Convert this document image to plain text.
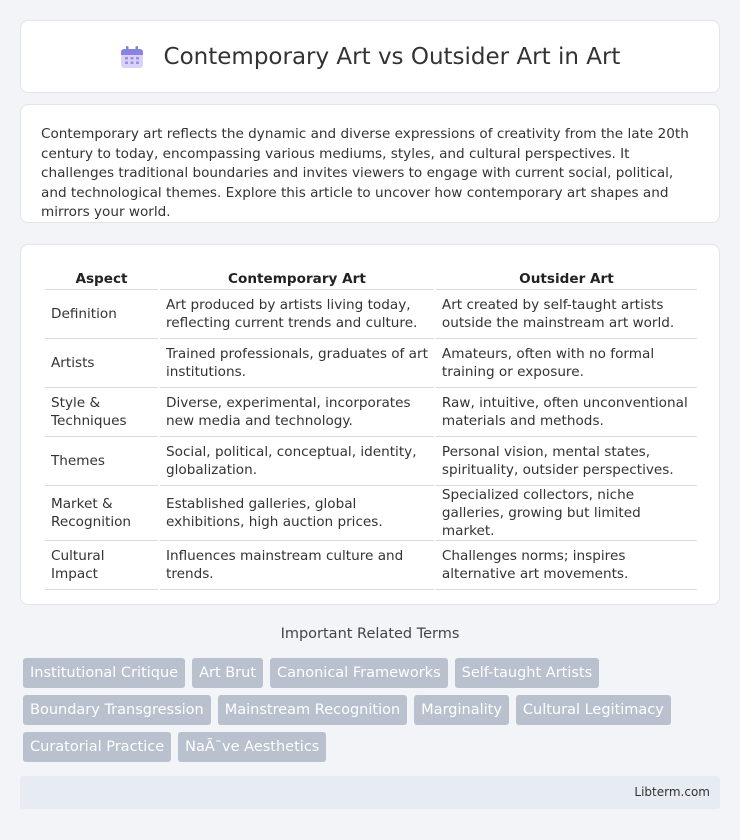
Contemporary Art vs Outsider Art in Art

Contemporary art reflects the dynamic and diverse expressions of creativity from the late 20th century to today, encompassing various mediums, styles, and cultural perspectives. It challenges traditional boundaries and invites viewers to engage with current social, political, and technological themes. Explore this article to uncover how contemporary art shapes and mirrors your world.

Aspect	Contemporary Art	Outsider Art
Definition	Art produced by artists living today, reflecting current trends and culture.	Art created by self-taught artists outside the mainstream art world.
Artists	Trained professionals, graduates of art institutions.	Amateurs, often with no formal training or exposure.
Style & Techniques	Diverse, experimental, incorporates new media and technology.	Raw, intuitive, often unconventional materials and methods.
Themes	Social, political, conceptual, identity, globalization.	Personal vision, mental states, spirituality, outsider perspectives.
Market & Recognition	Established galleries, global exhibitions, high auction prices.	Specialized collectors, niche galleries, growing but limited market.
Cultural Impact	Influences mainstream culture and trends.	Challenges norms; inspires alternative art movements.
Important Related Terms
Institutional Critique	Art Brut	Canonical Frameworks	Self-taught Artists
Boundary Transgression	Mainstream Recognition	Marginality	Cultural Legitimacy
Curatorial Practice	NaÃ¯ve Aesthetics
Libterm.com
